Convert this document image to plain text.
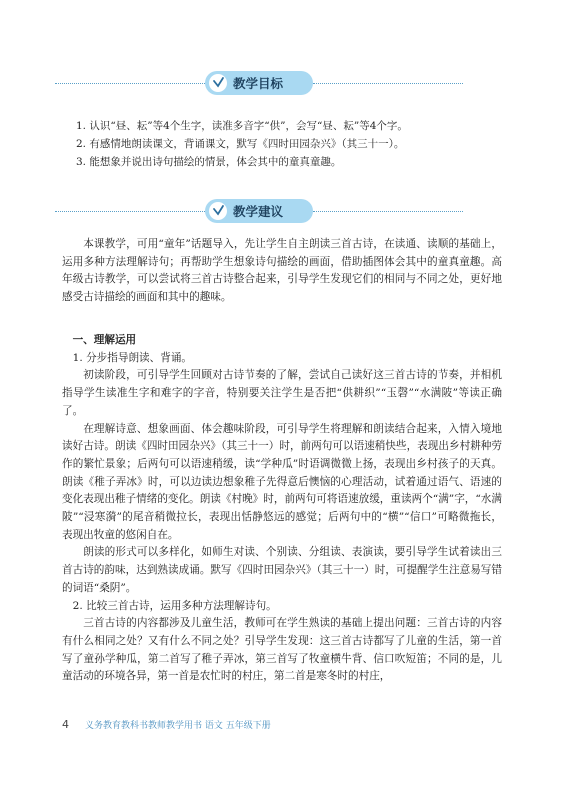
教学目标
1. 认识“昼、耘”等4个生字，读准多音字“供”，会写“昼、耘”等4个字。
2. 有感情地朗读课文，背诵课文，默写《四时田园杂兴》（其三十一）。
3. 能想象并说出诗句描绘的情景，体会其中的童真童趣。
教学建议

本课教学，可用“童年”话题导入，先让学生自主朗读三首古诗，在读通、读顺的基础上，运用多种方法理解诗句；再帮助学生想象诗句描绘的画面，借助插图体会其中的童真童趣。高年级古诗教学，可以尝试将三首古诗整合起来，引导学生发现它们的相同与不同之处，更好地感受古诗描绘的画面和其中的趣味。

一、理解运用

1. 分步指导朗读、背诵。

初读阶段，可引导学生回顾对古诗节奏的了解，尝试自己读好这三首古诗的节奏，并相机指导学生读准生字和难字的字音，特别要关注学生是否把“供耕织”“玉磬”“水满陂”等读正确了。

在理解诗意、想象画面、体会趣味阶段，可引导学生将理解和朗读结合起来，入情入境地读好古诗。朗读《四时田园杂兴》（其三十一）时，前两句可以语速稍快些，表现出乡村耕种劳作的繁忙景象；后两句可以语速稍缓，读“学种瓜”时语调微微上扬，表现出乡村孩子的天真。朗读《稚子弄冰》时，可以边读边想象稚子先得意后懊恼的心理活动，试着通过语气、语速的变化表现出稚子情绪的变化。朗读《村晚》时，前两句可将语速放缓，重读两个“满”字，“水满陂”“浸寒漪”的尾音稍微拉长，表现出恬静悠远的感觉；后两句中的“横”“信口”可略微拖长，表现出牧童的悠闲自在。

朗读的形式可以多样化，如师生对读、个别读、分组读、表演读，要引导学生试着读出三首古诗的韵味，达到熟读成诵。默写《四时田园杂兴》（其三十一）时，可提醒学生注意易写错的词语“桑阴”。

2. 比较三首古诗，运用多种方法理解诗句。

三首古诗的内容都涉及儿童生活，教师可在学生熟读的基础上提出问题：三首古诗的内容有什么相同之处？又有什么不同之处？引导学生发现：这三首古诗都写了儿童的生活，第一首写了童孙学种瓜，第二首写了稚子弄冰，第三首写了牧童横牛背、信口吹短笛；不同的是，儿童活动的环境各异，第一首是农忙时的村庄，第二首是寒冬时的村庄，

4 义务教育教科书教师教学用书 语文 五年级下册
